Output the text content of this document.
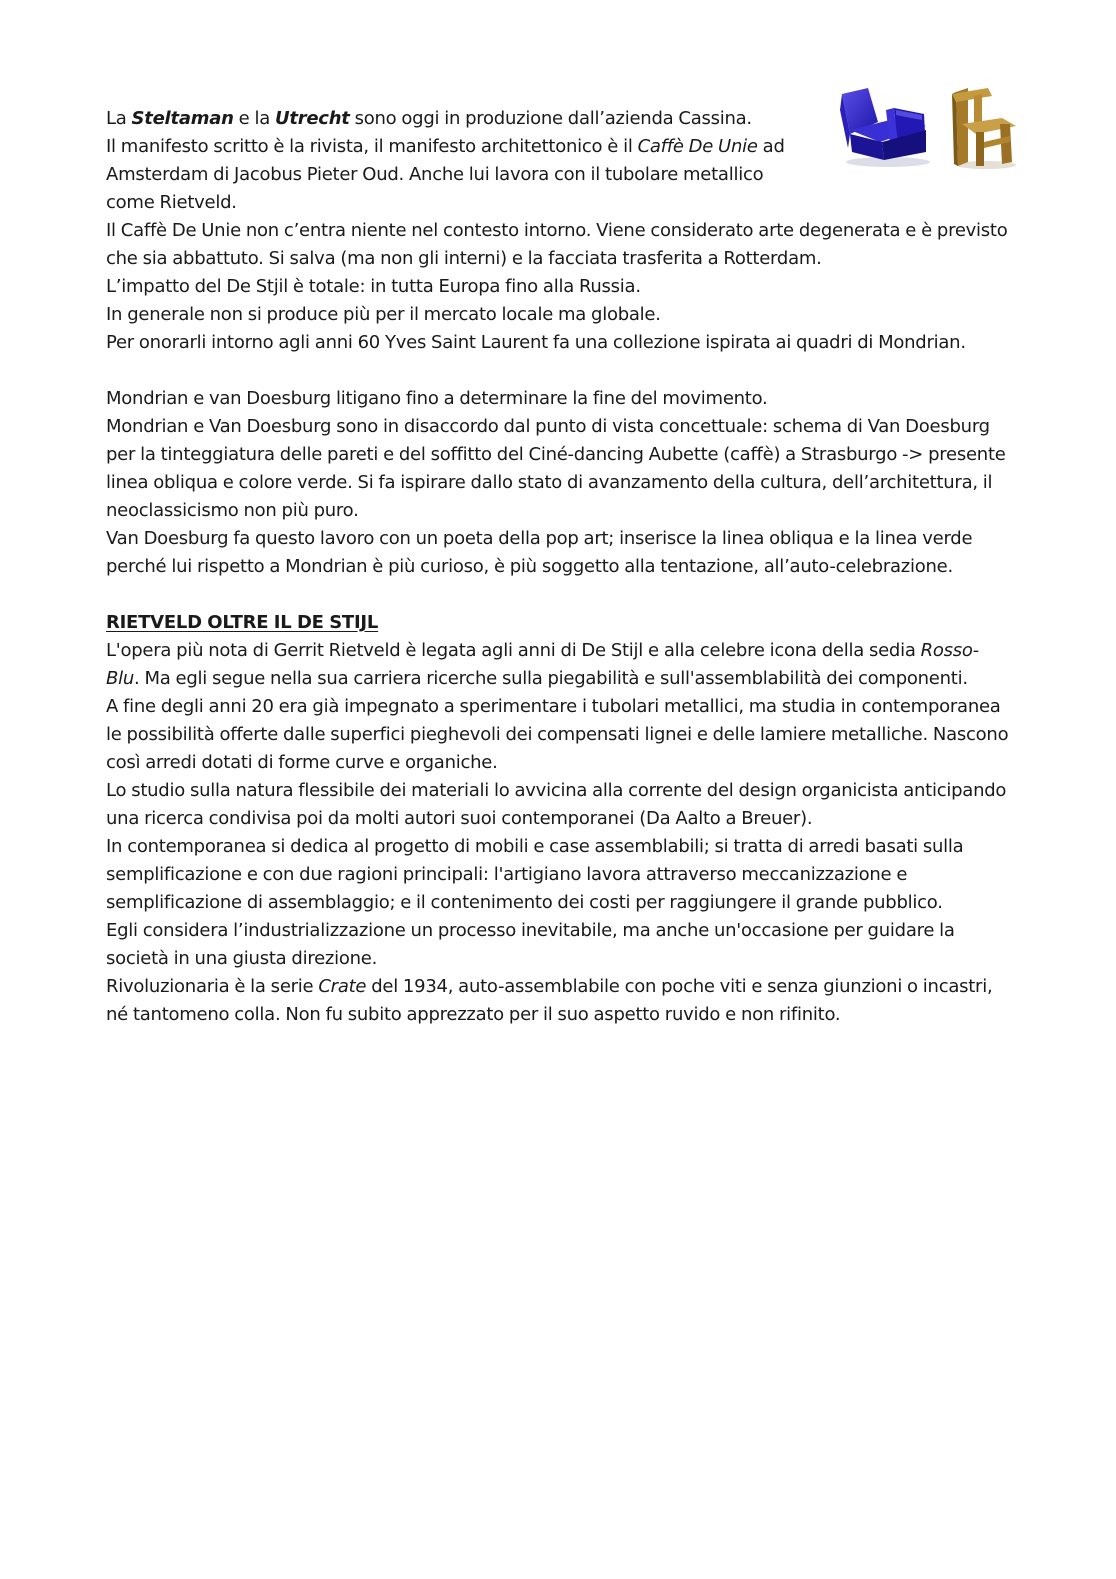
La Steltaman e la Utrecht sono oggi in produzione dall’azienda Cassina.

Il manifesto scritto è la rivista, il manifesto architettonico è il Caffè De Unie ad Amsterdam di Jacobus Pieter Oud. Anche lui lavora con il tubolare metallico come Rietveld.

Il Caffè De Unie non c’entra niente nel contesto intorno. Viene considerato arte degenerata e è previsto che sia abbattuto. Si salva (ma non gli interni) e la facciata trasferita a Rotterdam.

L’impatto del De Stjil è totale: in tutta Europa fino alla Russia.

In generale non si produce più per il mercato locale ma globale.

Per onorarli intorno agli anni 60 Yves Saint Laurent fa una collezione ispirata ai quadri di Mondrian.

Mondrian e van Doesburg litigano fino a determinare la fine del movimento.

Mondrian e Van Doesburg sono in disaccordo dal punto di vista concettuale: schema di Van Doesburg per la tinteggiatura delle pareti e del soffitto del Ciné-dancing Aubette (caffè) a Strasburgo -> presente linea obliqua e colore verde. Si fa ispirare dallo stato di avanzamento della cultura, dell’architettura, il neoclassicismo non più puro.

Van Doesburg fa questo lavoro con un poeta della pop art; inserisce la linea obliqua e la linea verde perché lui rispetto a Mondrian è più curioso, è più soggetto alla tentazione, all’auto-celebrazione.

RIETVELD OLTRE IL DE STIJL

L'opera più nota di Gerrit Rietveld è legata agli anni di De Stijl e alla celebre icona della sedia Rosso-Blu. Ma egli segue nella sua carriera ricerche sulla piegabilità e sull'assemblabilità dei componenti.

A fine degli anni 20 era già impegnato a sperimentare i tubolari metallici, ma studia in contemporanea le possibilità offerte dalle superfici pieghevoli dei compensati lignei e delle lamiere metalliche. Nascono così arredi dotati di forme curve e organiche.

Lo studio sulla natura flessibile dei materiali lo avvicina alla corrente del design organicista anticipando una ricerca condivisa poi da molti autori suoi contemporanei (Da Aalto a Breuer).

In contemporanea si dedica al progetto di mobili e case assemblabili; si tratta di arredi basati sulla semplificazione e con due ragioni principali: l'artigiano lavora attraverso meccanizzazione e semplificazione di assemblaggio; e il contenimento dei costi per raggiungere il grande pubblico.

Egli considera l’industrializzazione un processo inevitabile, ma anche un'occasione per guidare la società in una giusta direzione.

Rivoluzionaria è la serie Crate del 1934, auto-assemblabile con poche viti e senza giunzioni o incastri, né tantomeno colla. Non fu subito apprezzato per il suo aspetto ruvido e non rifinito.
